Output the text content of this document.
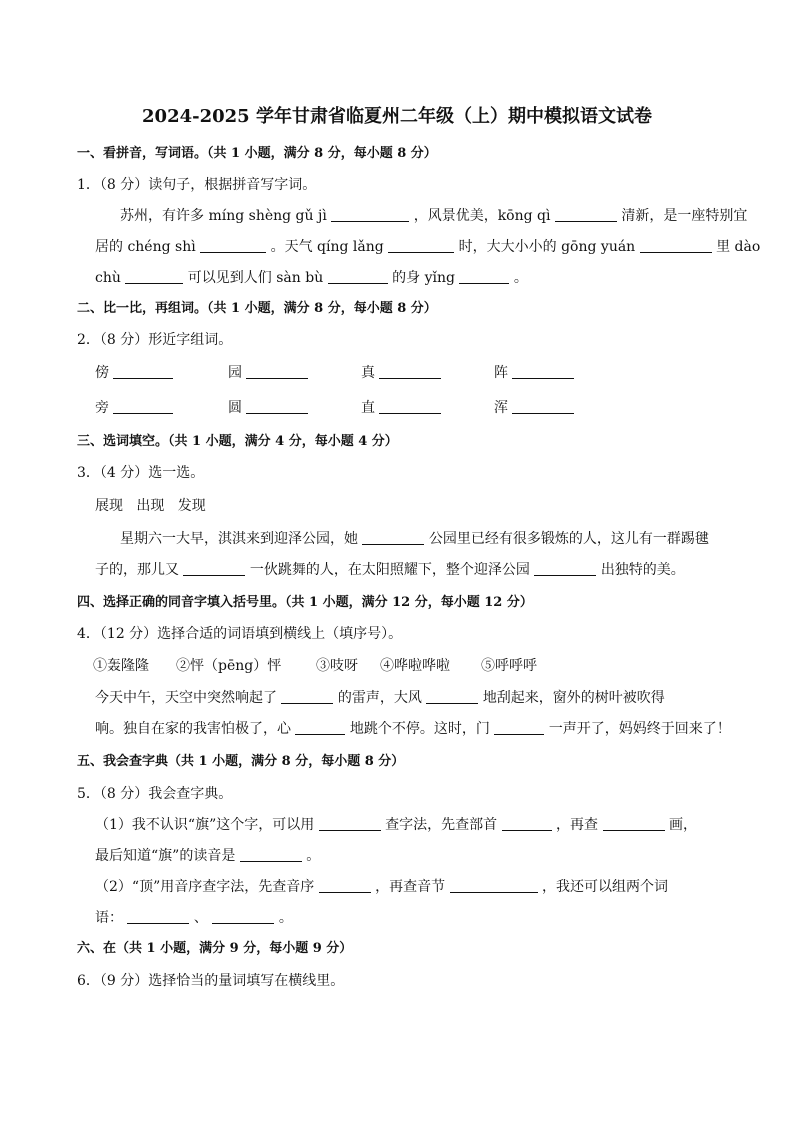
2024-2025 学年甘肃省临夏州二年级（上）期中模拟语文试卷
一、看拼音，写词语。（共 1 小题，满分 8 分，每小题 8 分）
1．（8 分）读句子，根据拼音写字词。
苏州，有许多 míng shèng gǔ jì	，风景优美，kōng qì	清新，是一座特别宜
居的 chéng shì	。天气 qíng lǎng	时，大大小小的 gōng yuán	里 dào
chù	可以见到人们 sàn bù	的身 yǐng	。
二、比一比，再组词。（共 1 小题，满分 8 分，每小题 8 分）
2．（8 分）形近字组词。
傍	园	真	阵
旁	圆	直	浑
三、选词填空。（共 1 小题，满分 4 分，每小题 4 分）
3．（4 分）选一选。
展现 出现 发现
星期六一大早，淇淇来到迎泽公园，她	公园里已经有很多锻炼的人，这儿有一群踢毽
子的，那儿又	一伙跳舞的人，在太阳照耀下，整个迎泽公园	出独特的美。
四、选择正确的同音字填入括号里。（共 1 小题，满分 12 分，每小题 12 分）
4．（12 分）选择合适的词语填到横线上（填序号）。
①轰隆隆 ②怦（pēng）怦 ③吱呀 ④哗啦哗啦 ⑤呼呼呼
今天中午，天空中突然响起了	的雷声，大风	地刮起来，窗外的树叶被吹得
响。独自在家的我害怕极了，心	地跳个不停。这时，门	一声开了，妈妈终于回来了！
五、我会查字典（共 1 小题，满分 8 分，每小题 8 分）
5．（8 分）我会查字典。
（1）我不认识“旗”这个字，可以用	查字法，先查部首	，再查	画，
最后知道“旗”的读音是	。
（2）“顶”用音序查字法，先查音序	，再查音节	，我还可以组两个词
语：	、	。
六、在（共 1 小题，满分 9 分，每小题 9 分）
6．（9 分）选择恰当的量词填写在横线里。
